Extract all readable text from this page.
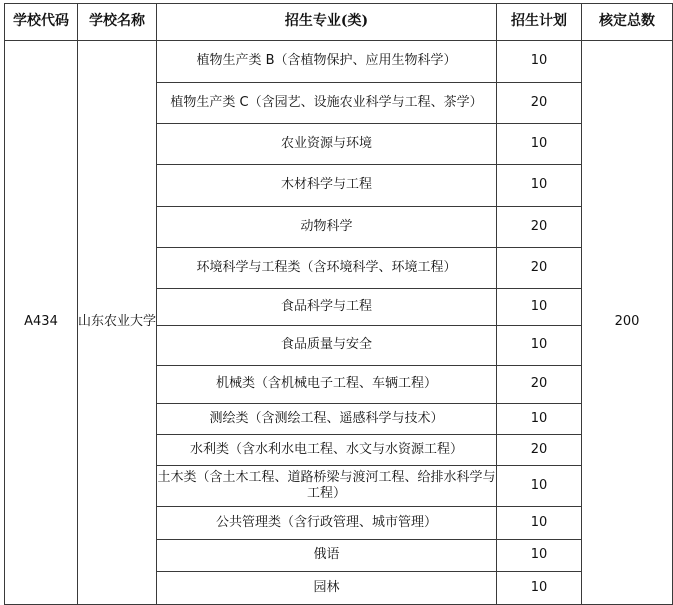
学校代码	学校名称	招生专业(类)	招生计划	核定总数
A434	山东农业大学	植物生产类 B（含植物保护、应用生物科学）	10	200
		植物生产类 C（含园艺、设施农业科学与工程、茶学）	20	
		农业资源与环境	10	
		木材科学与工程	10	
		动物科学	20	
		环境科学与工程类（含环境科学、环境工程）	20	
		食品科学与工程	10	
		食品质量与安全	10	
		机械类（含机械电子工程、车辆工程）	20	
		测绘类（含测绘工程、遥感科学与技术）	10	
		水利类（含水利水电工程、水文与水资源工程）	20	
		土木类（含土木工程、道路桥梁与渡河工程、给排水科学与工程）	10	
		公共管理类（含行政管理、城市管理）	10	
		俄语	10	
		园林	10	
